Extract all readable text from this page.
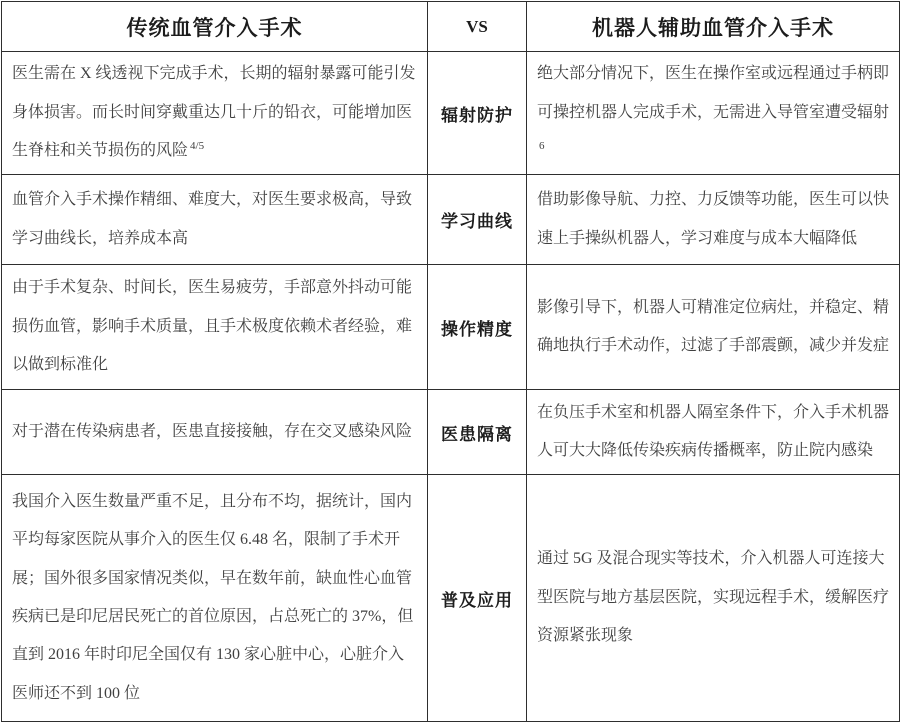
传统血管介入手术	VS	机器人辅助血管介入手术
医生需在 X 线透视下完成手术，长期的辐射暴露可能引发身体损害。而长时间穿戴重达几十斤的铅衣，可能增加医生脊柱和关节损伤的风险 $^{4/5}$	辐射防护	绝大部分情况下，医生在操作室或远程通过手柄即可操控机器人完成手术，无需进入导管室遭受辐射$^6$
血管介入手术操作精细、难度大，对医生要求极高，导致学习曲线长，培养成本高	学习曲线	借助影像导航、力控、力反馈等功能，医生可以快速上手操纵机器人，学习难度与成本大幅降低
由于手术复杂、时间长，医生易疲劳，手部意外抖动可能损伤血管，影响手术质量，且手术极度依赖术者经验，难以做到标准化	操作精度	影像引导下，机器人可精准定位病灶，并稳定、精确地执行手术动作，过滤了手部震颤，减少并发症
对于潜在传染病患者，医患直接接触，存在交叉感染风险	医患隔离	在负压手术室和机器人隔室条件下，介入手术机器人可大大降低传染疾病传播概率，防止院内感染
我国介入医生数量严重不足，且分布不均，据统计，国内平均每家医院从事介入的医生仅 6.48 名，限制了手术开展；国外很多国家情况类似，早在数年前，缺血性心血管疾病已是印尼居民死亡的首位原因，占总死亡的 37%，但直到 2016 年时印尼全国仅有 130 家心脏中心，心脏介入医师还不到 100 位	普及应用	通过 5G 及混合现实等技术，介入机器人可连接大型医院与地方基层医院，实现远程手术，缓解医疗资源紧张现象
